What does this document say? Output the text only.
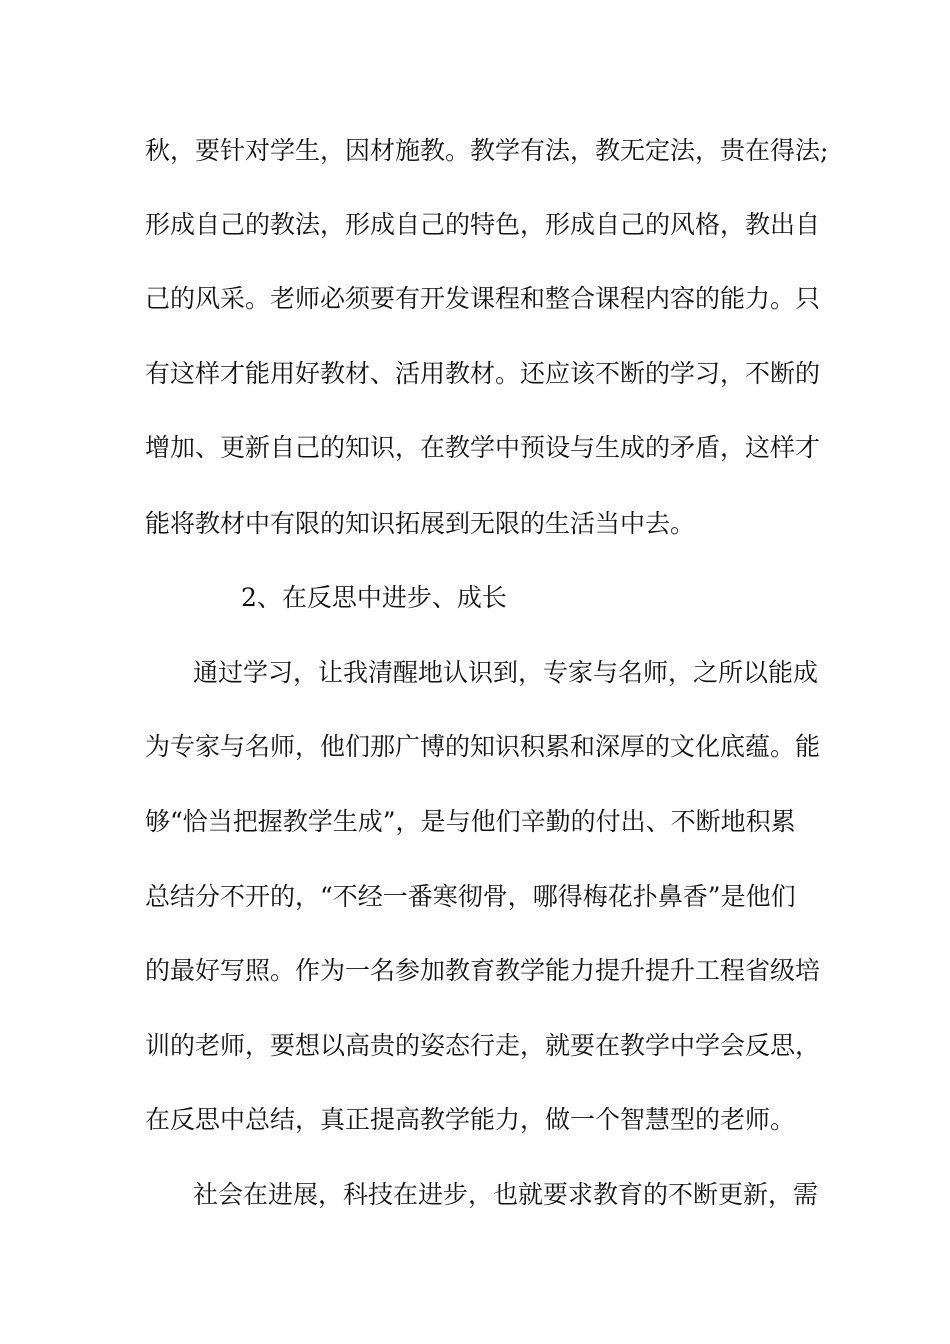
秋，要针对学生，因材施教。教学有法，教无定法，贵在得法;
形成自己的教法，形成自己的特色，形成自己的风格，教出自
己的风采。老师必须要有开发课程和整合课程内容的能力。只
有这样才能用好教材、活用教材。还应该不断的学习，不断的
增加、更新自己的知识，在教学中预设与生成的矛盾，这样才
能将教材中有限的知识拓展到无限的生活当中去。
2、在反思中进步、成长
通过学习，让我清醒地认识到，专家与名师，之所以能成
为专家与名师，他们那广博的知识积累和深厚的文化底蕴。能
够“恰当把握教学生成”，是与他们辛勤的付出、不断地积累
总结分不开的，“不经一番寒彻骨，哪得梅花扑鼻香”是他们
的最好写照。作为一名参加教育教学能力提升提升工程省级培
训的老师，要想以高贵的姿态行走，就要在教学中学会反思，
在反思中总结，真正提高教学能力，做一个智慧型的老师。
社会在进展，科技在进步，也就要求教育的不断更新，需
